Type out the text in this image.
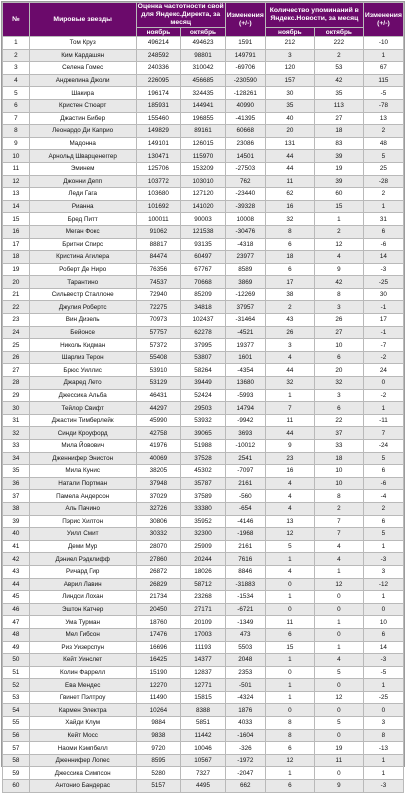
№	Мировые звезды	Оценка частотности свой для Яндекс.Директа, за месяц		Изменения (+/-)	Количество упоминаний в Яндекс.Новости, за месяц		Изменения (+/-)
		ноябрь	октябрь		ноябрь	октябрь	
1	Том Круз	496214	494623	1591	212	222	-10
2	Ким Кардашян	248592	98801	149791	3	2	1
3	Селена Гомес	240336	310042	-69706	120	53	67
4	Анджелина Джоли	226095	456685	-230590	157	42	115
5	Шакира	196174	324435	-128261	30	35	-5
6	Кристен Стюарт	185931	144941	40990	35	113	-78
7	Джастин Бибер	155460	196855	-41395	40	27	13
8	Леонардо Ди Каприо	149829	89161	60668	20	18	2
9	Мадонна	149101	126015	23086	131	83	48
10	Арнольд Шварценеггер	130471	115970	14501	44	39	5
11	Эминем	125706	153209	-27503	44	19	25
12	Джонни Депп	103772	103010	762	11	39	-28
13	Леди Гага	103680	127120	-23440	62	60	2
14	Рианна	101692	141020	-39328	16	15	1
15	Бред Питт	100011	90003	10008	32	1	31
16	Меган Фокс	91062	121538	-30476	8	2	6
17	Бритни Спирс	88817	93135	-4318	6	12	-6
18	Кристина Агилера	84474	60497	23977	18	4	14
19	Роберт Де Ниро	76356	67767	8589	6	9	-3
20	Тарантино	74537	70668	3869	17	42	-25
21	Сильвестр Сталлоне	72940	85209	-12269	38	8	30
22	Джулия Робертс	72275	34818	37957	2	3	-1
23	Вин Дизель	70973	102437	-31464	43	26	17
24	Бейонсе	57757	62278	-4521	26	27	-1
25	Николь Кидман	57372	37995	19377	3	10	-7
26	Шарлиз Терон	55408	53807	1601	4	6	-2
27	Брюс Уиллис	53910	58264	-4354	44	20	24
28	Джаред Лето	53129	39449	13680	32	32	0
29	Джессика Альба	46431	52424	-5993	1	3	-2
30	Тейлор Свифт	44297	29503	14794	7	6	1
31	Джастин Тимберлейк	45990	53932	-9942	11	22	-11
32	Синди Кроуфорд	42758	39065	3693	44	37	7
33	Мила Йовович	41976	51988	-10012	9	33	-24
34	Дженнифер Энистон	40069	37528	2541	23	18	5
35	Мила Кунис	38205	45302	-7097	16	10	6
36	Натали Портман	37948	35787	2161	4	10	-6
37	Памела Андерсон	37029	37589	-560	4	8	-4
38	Аль Пачино	32726	33380	-654	4	2	2
39	Пэрис Хилтон	30806	35952	-4146	13	7	6
40	Уилл Смит	30332	32300	-1968	12	7	5
41	Деми Мур	28070	25909	2161	5	4	1
42	Дэниел Рэдклифф	27860	20244	7616	1	4	-3
43	Ричард Гир	26872	18026	8846	4	1	3
44	Аврил Лавин	26829	58712	-31883	0	12	-12
45	Линдси Лохан	21734	23268	-1534	1	0	1
46	Эштон Катчер	20450	27171	-6721	0	0	0
47	Ума Турман	18760	20109	-1349	11	1	10
48	Мел Гибсон	17476	17003	473	6	0	6
49	Риз Уизерспун	16696	11193	5503	15	1	14
50	Кейт Уинслет	16425	14377	2048	1	4	-3
51	Колин Фаррелл	15190	12837	2353	0	5	-5
52	Ева Мендес	12270	12771	-501	1	0	1
53	Гвинет Пэлтроу	11490	15815	-4324	1	12	-25
54	Кармен Электра	10264	8388	1876	0	0	0
55	Хайди Клум	9884	5851	4033	8	5	3
56	Кейт Мосс	9838	11442	-1604	8	0	8
57	Наоми Кэмпбелл	9720	10046	-326	6	19	-13
58	Дженнифер Лопес	8595	10567	-1972	12	11	1
59	Джессика Симпсон	5280	7327	-2047	1	0	1
60	Антонио Бандерас	5157	4495	662	6	9	-3
